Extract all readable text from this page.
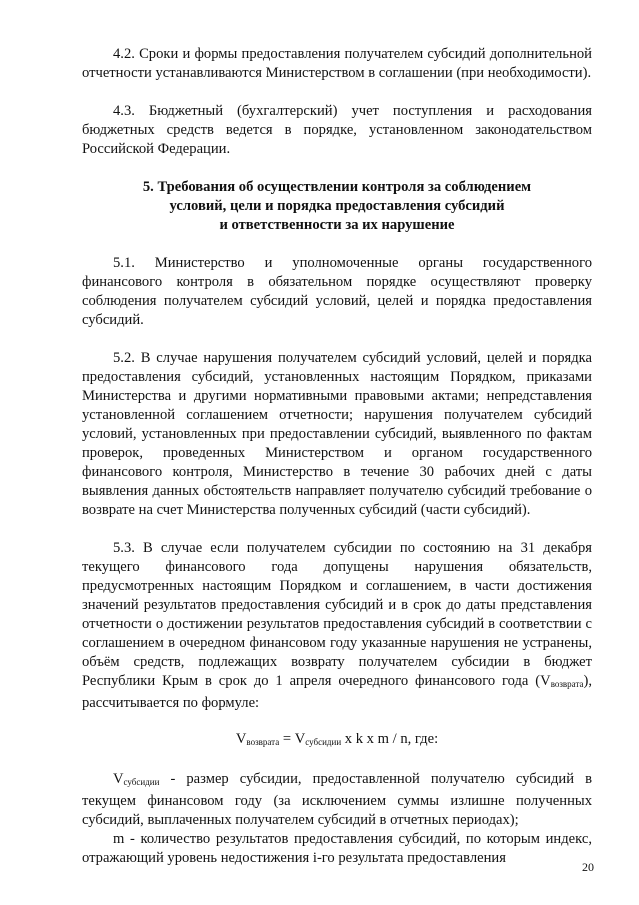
4.2. Сроки и формы предоставления получателем субсидий дополнительной отчетности устанавливаются Министерством в соглашении (при необходимости).

4.3. Бюджетный (бухгалтерский) учет поступления и расходования бюджетных средств ведется в порядке, установленном законодательством Российской Федерации.

5. Требования об осуществлении контроля за соблюдением
условий, цели и порядка предоставления субсидий
и ответственности за их нарушение

5.1. Министерство и уполномоченные органы государственного финансового контроля в обязательном порядке осуществляют проверку соблюдения получателем субсидий условий, целей и порядка предоставления субсидий.

5.2. В случае нарушения получателем субсидий условий, целей и порядка предоставления субсидий, установленных настоящим Порядком, приказами Министерства и другими нормативными правовыми актами; непредставления установленной соглашением отчетности; нарушения получателем субсидий условий, установленных при предоставлении субсидий, выявленного по фактам проверок, проведенных Министерством и органом государственного финансового контроля, Министерство в течение 30 рабочих дней с даты выявления данных обстоятельств направляет получателю субсидий требование о возврате на счет Министерства полученных субсидий (части субсидий).

5.3. В случае если получателем субсидии по состоянию на 31 декабря текущего финансового года допущены нарушения обязательств, предусмотренных настоящим Порядком и соглашением, в части достижения значений результатов предоставления субсидий и в срок до даты представления отчетности о достижении результатов предоставления субсидий в соответствии с соглашением в очередном финансовом году указанные нарушения не устранены, объём средств, подлежащих возврату получателем субсидии в бюджет Республики Крым в срок до 1 апреля очередного финансового года (Vвозврата), рассчитывается по формуле:

$V_{возврата} = V_{субсидии}$ x k x m / n, где:

Vсубсидии - размер субсидии, предоставленной получателю субсидий в текущем финансовом году (за исключением суммы излишне полученных субсидий, выплаченных получателем субсидий в отчетных периодах);

m - количество результатов предоставления субсидий, по которым индекс, отражающий уровень недостижения i-го результата предоставления

20
